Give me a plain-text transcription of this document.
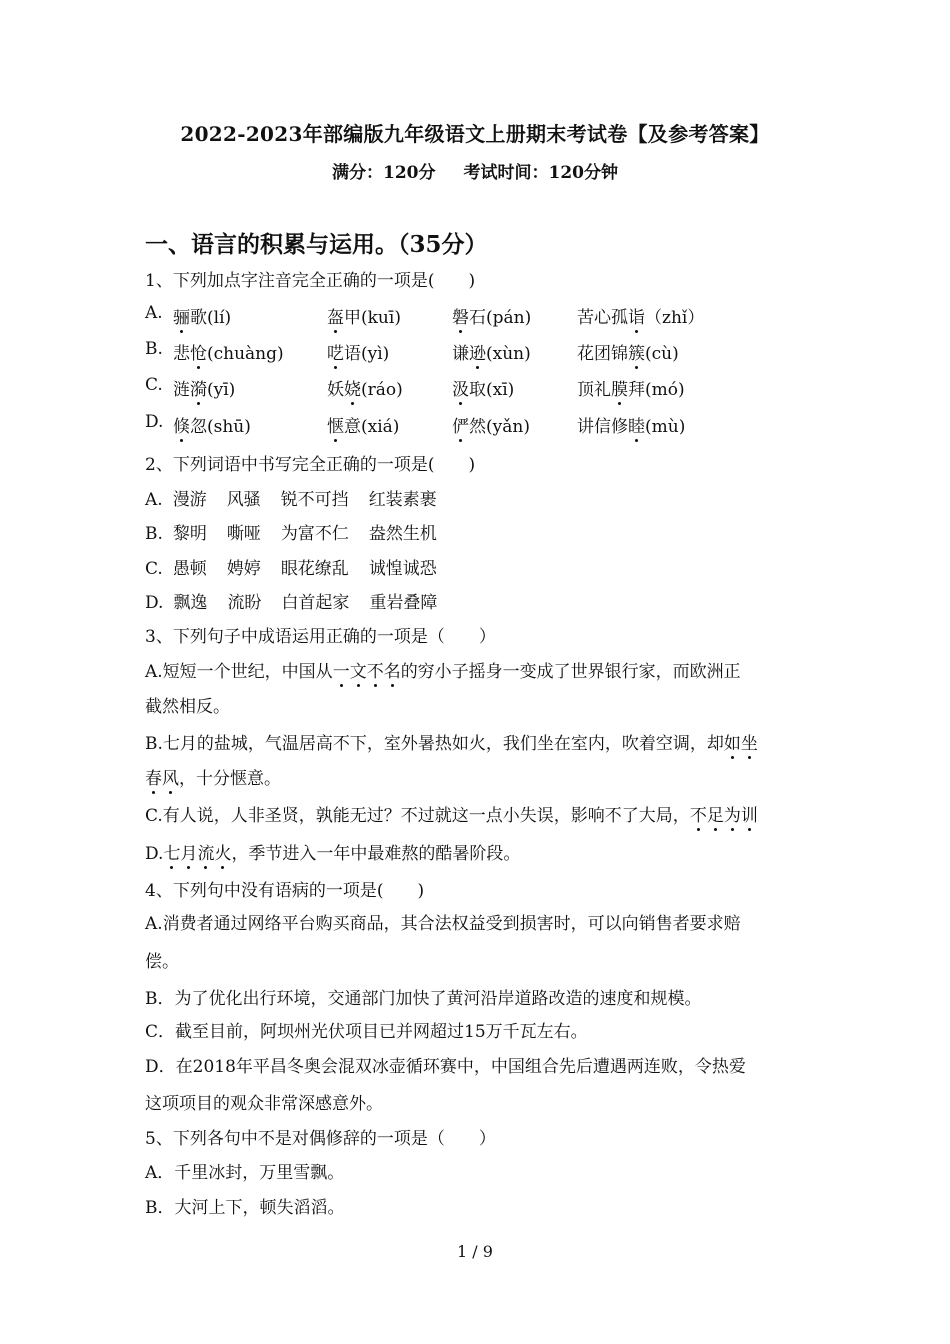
2022-2023年部编版九年级语文上册期末考试卷【及参考答案】
满分：120分 考试时间：120分钟
一、语言的积累与运用。（35分）
1、下列加点字注音完全正确的一项是(　　)
A. 骊歌(lí)	盔甲(kuī)	磐石(pán)	苦心孤诣（zhǐ）
B. 悲怆(chuàng)	呓语(yì)	谦逊(xùn)	花团锦簇(cù)
C. 涟漪(yī)	妖娆(ráo)	汲取(xī)	顶礼膜拜(mó)
D. 倏忽(shū)	惬意(xiá)	俨然(yǎn)	讲信修睦(mù)
2、下列词语中书写完全正确的一项是(　　)
A. 漫游 风骚 锐不可挡 红装素裹
B. 黎明 嘶哑 为富不仁 盎然生机
C. 愚顿 娉婷 眼花缭乱 诚惶诚恐
D. 飘逸 流盼 白首起家 重岩叠障
3、下列句子中成语运用正确的一项是（　　）
A.短短一个世纪，中国从一文不名的穷小子摇身一变成了世界银行家，而欧洲正
截然相反。
B.七月的盐城，气温居高不下，室外暑热如火，我们坐在室内，吹着空调，却如坐
春风，十分惬意。
C.有人说，人非圣贤，孰能无过？不过就这一点小失误，影响不了大局，不足为训
D.七月流火，季节进入一年中最难熬的酷暑阶段。
4、下列句中没有语病的一项是(　　)
A.消费者通过网络平台购买商品，其合法权益受到损害时，可以向销售者要求赔
偿。
B．为了优化出行环境，交通部门加快了黄河沿岸道路改造的速度和规模。
C．截至目前，阿坝州光伏项目已并网超过15万千瓦左右。
D．在2018年平昌冬奥会混双冰壶循环赛中，中国组合先后遭遇两连败，令热爱
这项项目的观众非常深感意外。
5、下列各句中不是对偶修辞的一项是（　　）
A．千里冰封，万里雪飘。
B．大河上下，顿失滔滔。
1 / 9
